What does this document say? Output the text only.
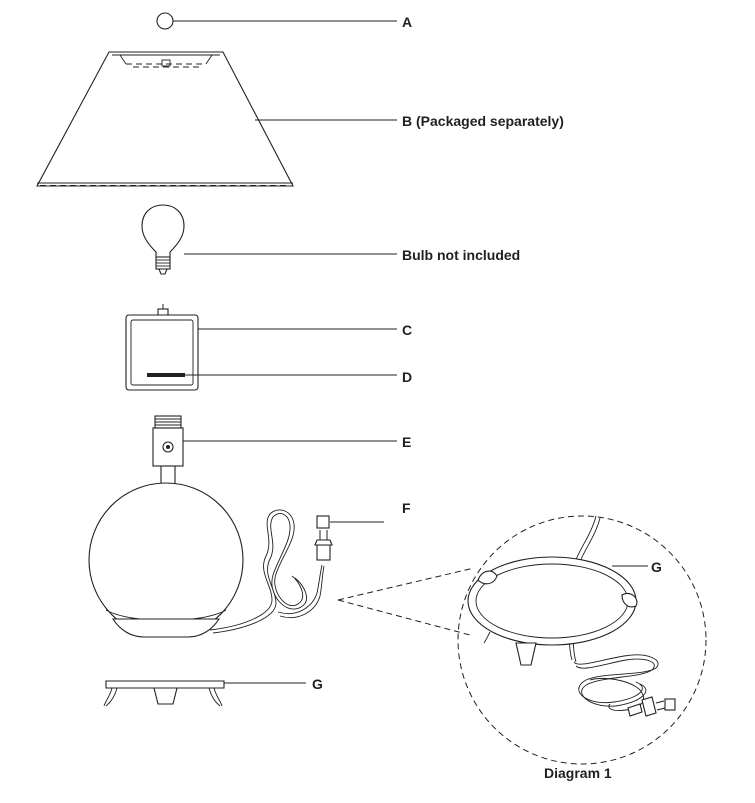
A
B (Packaged separately)
Bulb not included
C
D
E
F
G
G
Diagram 1
